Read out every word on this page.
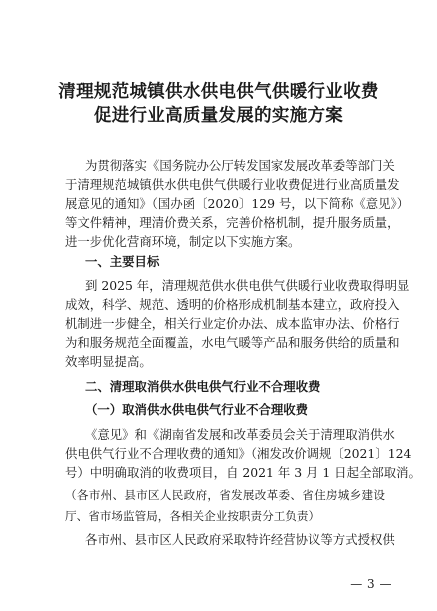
清理规范城镇供水供电供气供暖行业收费
促进行业高质量发展的实施方案
为贯彻落实《国务院办公厅转发国家发展改革委等部门关
于清理规范城镇供水供电供气供暖行业收费促进行业高质量发
展意见的通知》（国办函〔2020〕129 号，以下简称《意见》）
等文件精神，理清价费关系，完善价格机制，提升服务质量，
进一步优化营商环境，制定以下实施方案。
一、主要目标
到 2025 年，清理规范供水供电供气供暖行业收费取得明显
成效，科学、规范、透明的价格形成机制基本建立，政府投入
机制进一步健全，相关行业定价办法、成本监审办法、价格行
为和服务规范全面覆盖，水电气暖等产品和服务供给的质量和
效率明显提高。
二、清理取消供水供电供气行业不合理收费
（一）取消供水供电供气行业不合理收费
《意见》和《湖南省发展和改革委员会关于清理取消供水
供电供气行业不合理收费的通知》（湘发改价调规〔2021〕124
号）中明确取消的收费项目，自 2021 年 3 月 1 日起全部取消。
（各市州、县市区人民政府，省发展改革委、省住房城乡建设
厅、省市场监管局，各相关企业按职责分工负责）
各市州、县市区人民政府采取特许经营协议等方式授权供
— 3 —
